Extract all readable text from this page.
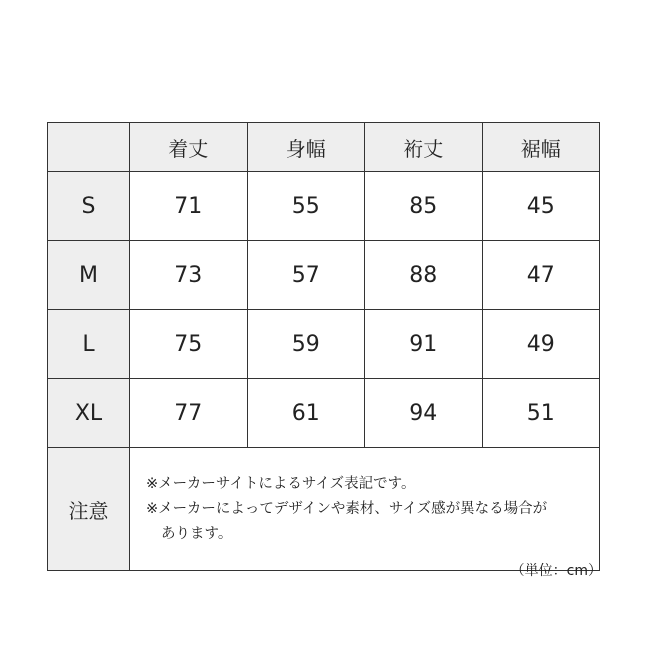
	着丈	身幅	裄丈	裾幅
S	71	55	85	45
M	73	57	88	47
L	75	59	91	49
XL	77	61	94	51
注意	※メーカーサイトによるサイズ表記です。
※メーカーによってデザインや素材、サイズ感が異なる場合が
あります。			
（単位：cm）
